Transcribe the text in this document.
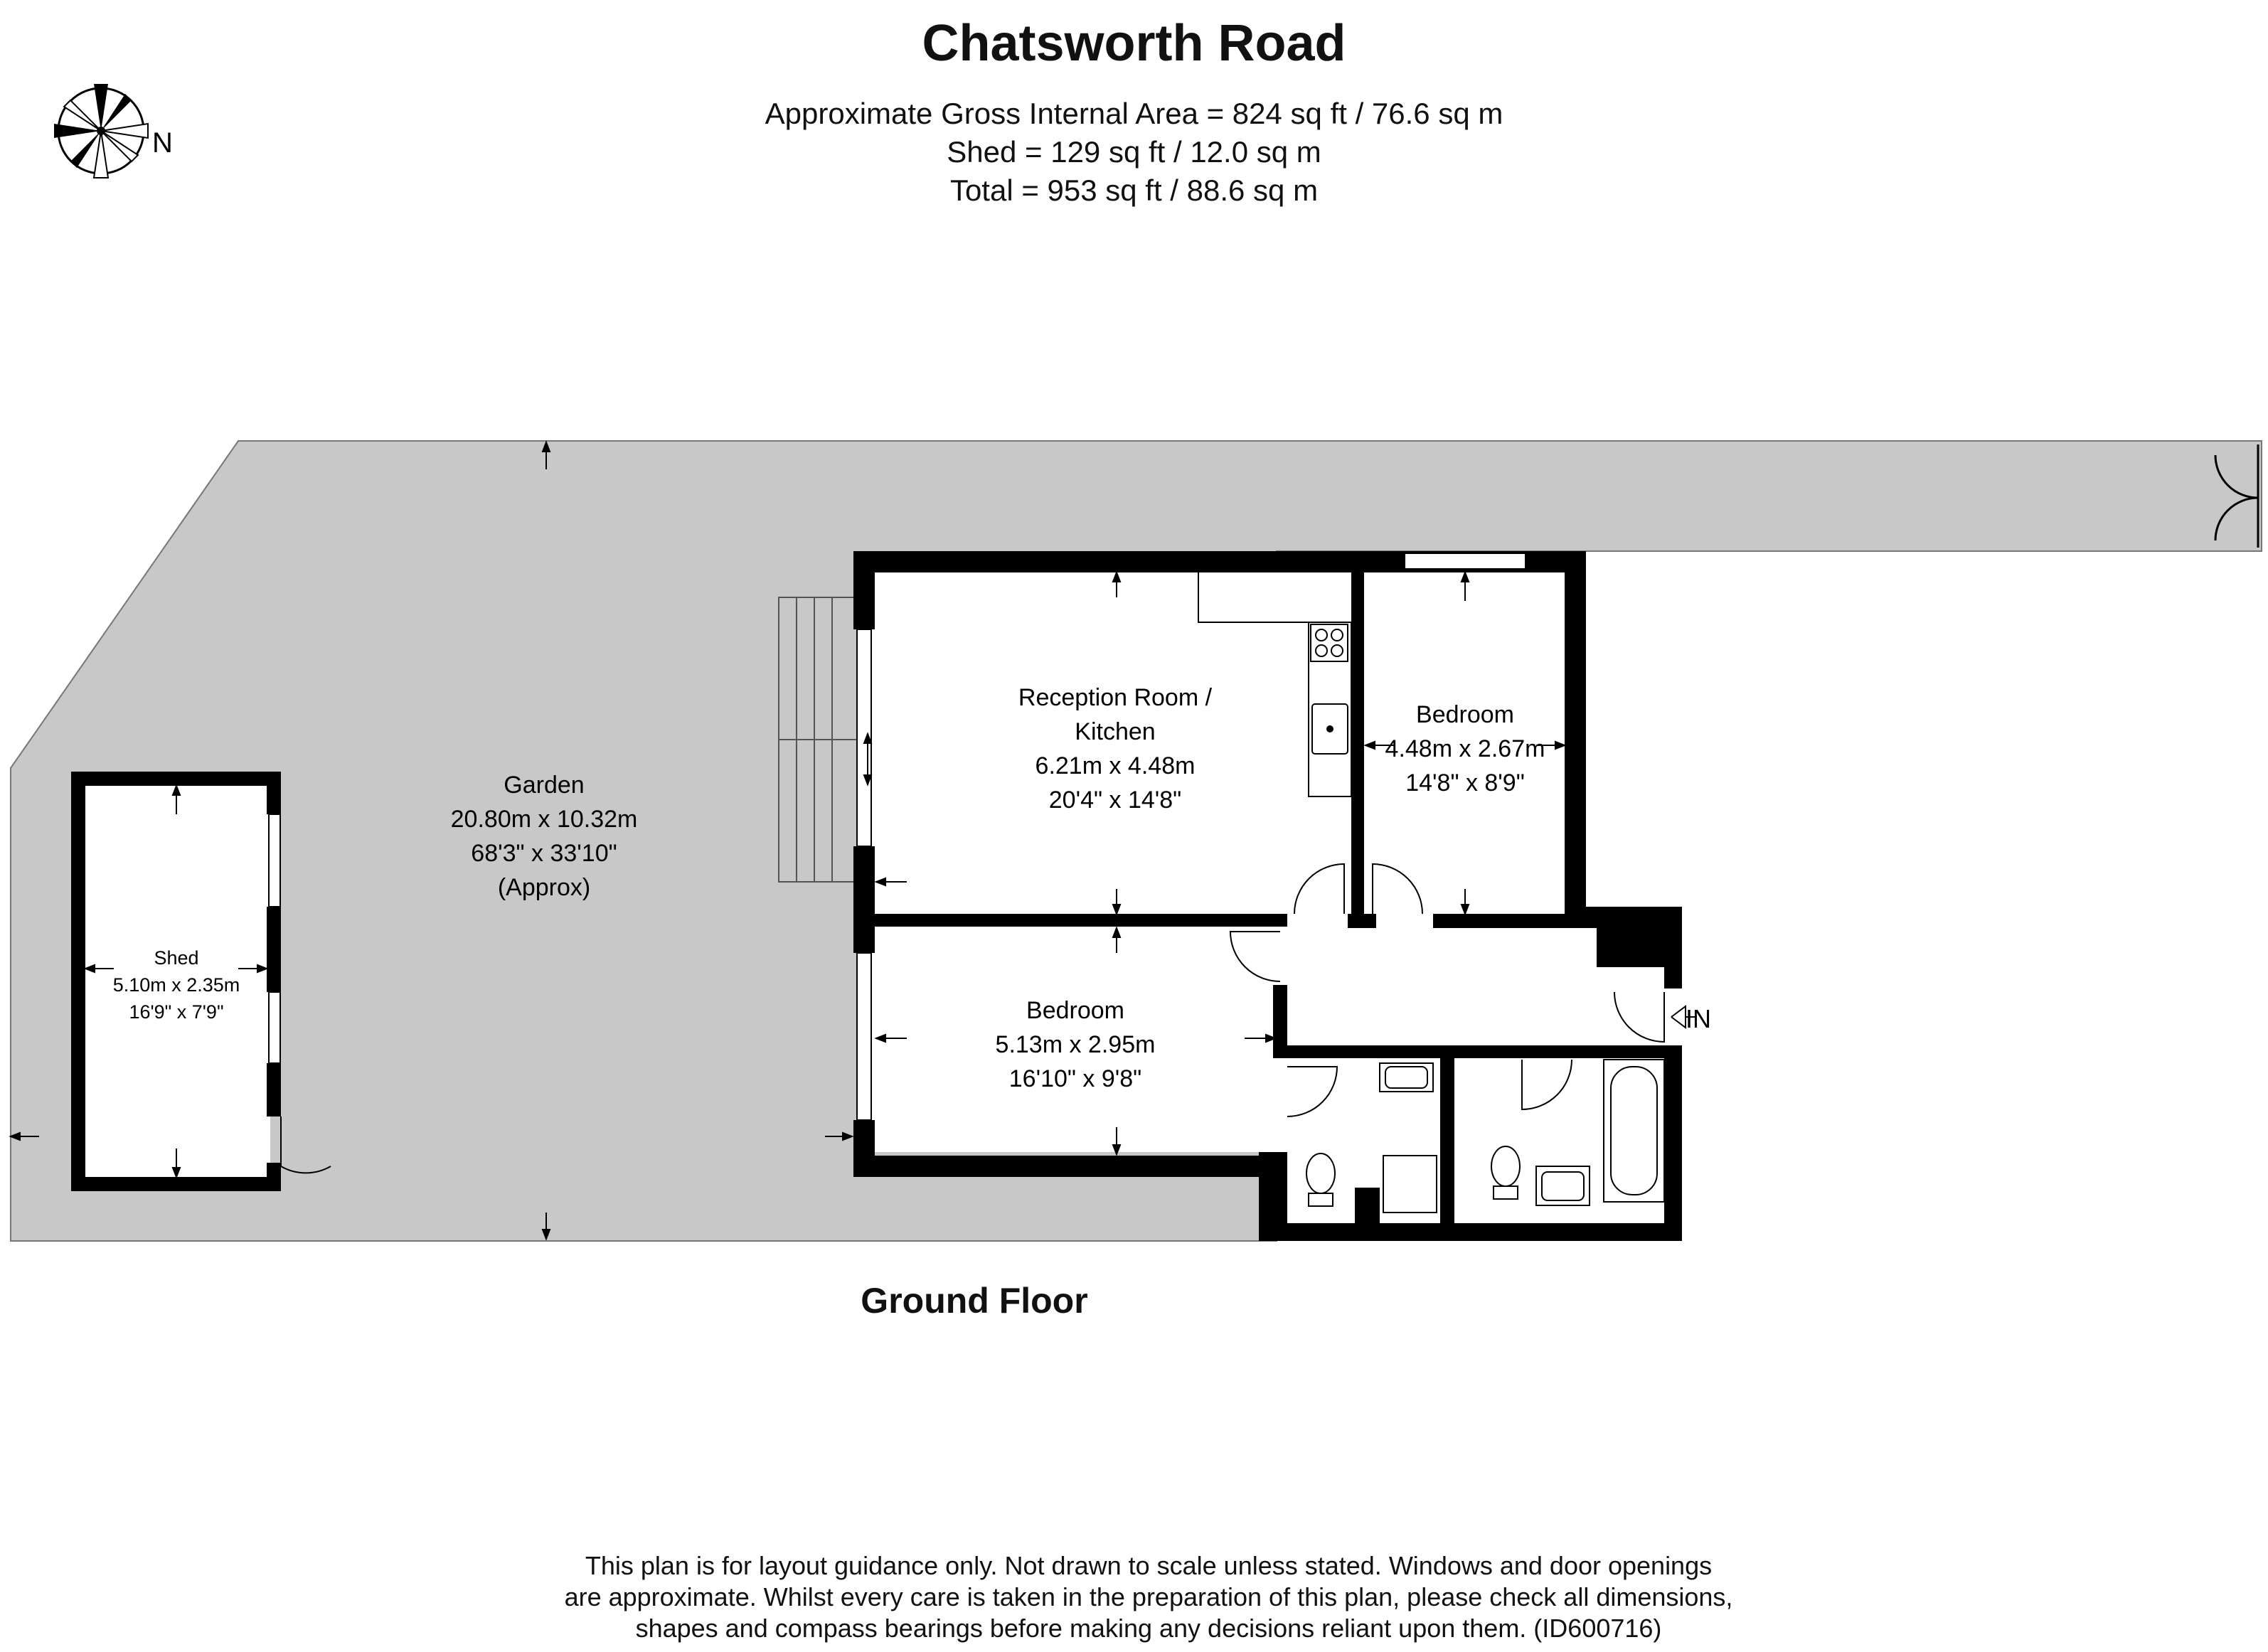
Chatsworth Road
Approximate Gross Internal Area = 824 sq ft / 76.6 sq m
Shed = 129 sq ft / 12.0 sq m
Total = 953 sq ft / 88.6 sq m
N
IN
Reception Room /
Kitchen
6.21m x 4.48m
20'4" x 14'8"
Bedroom
4.48m x 2.67m
14'8" x 8'9"
Bedroom
5.13m x 2.95m
16'10" x 9'8"
Garden
20.80m x 10.32m
68'3" x 33'10"
(Approx)
Shed
5.10m x 2.35m
16'9" x 7'9"
Ground Floor
This plan is for layout guidance only. Not drawn to scale unless stated. Windows and door openings
are approximate. Whilst every care is taken in the preparation of this plan, please check all dimensions,
shapes and compass bearings before making any decisions reliant upon them. (ID600716)
